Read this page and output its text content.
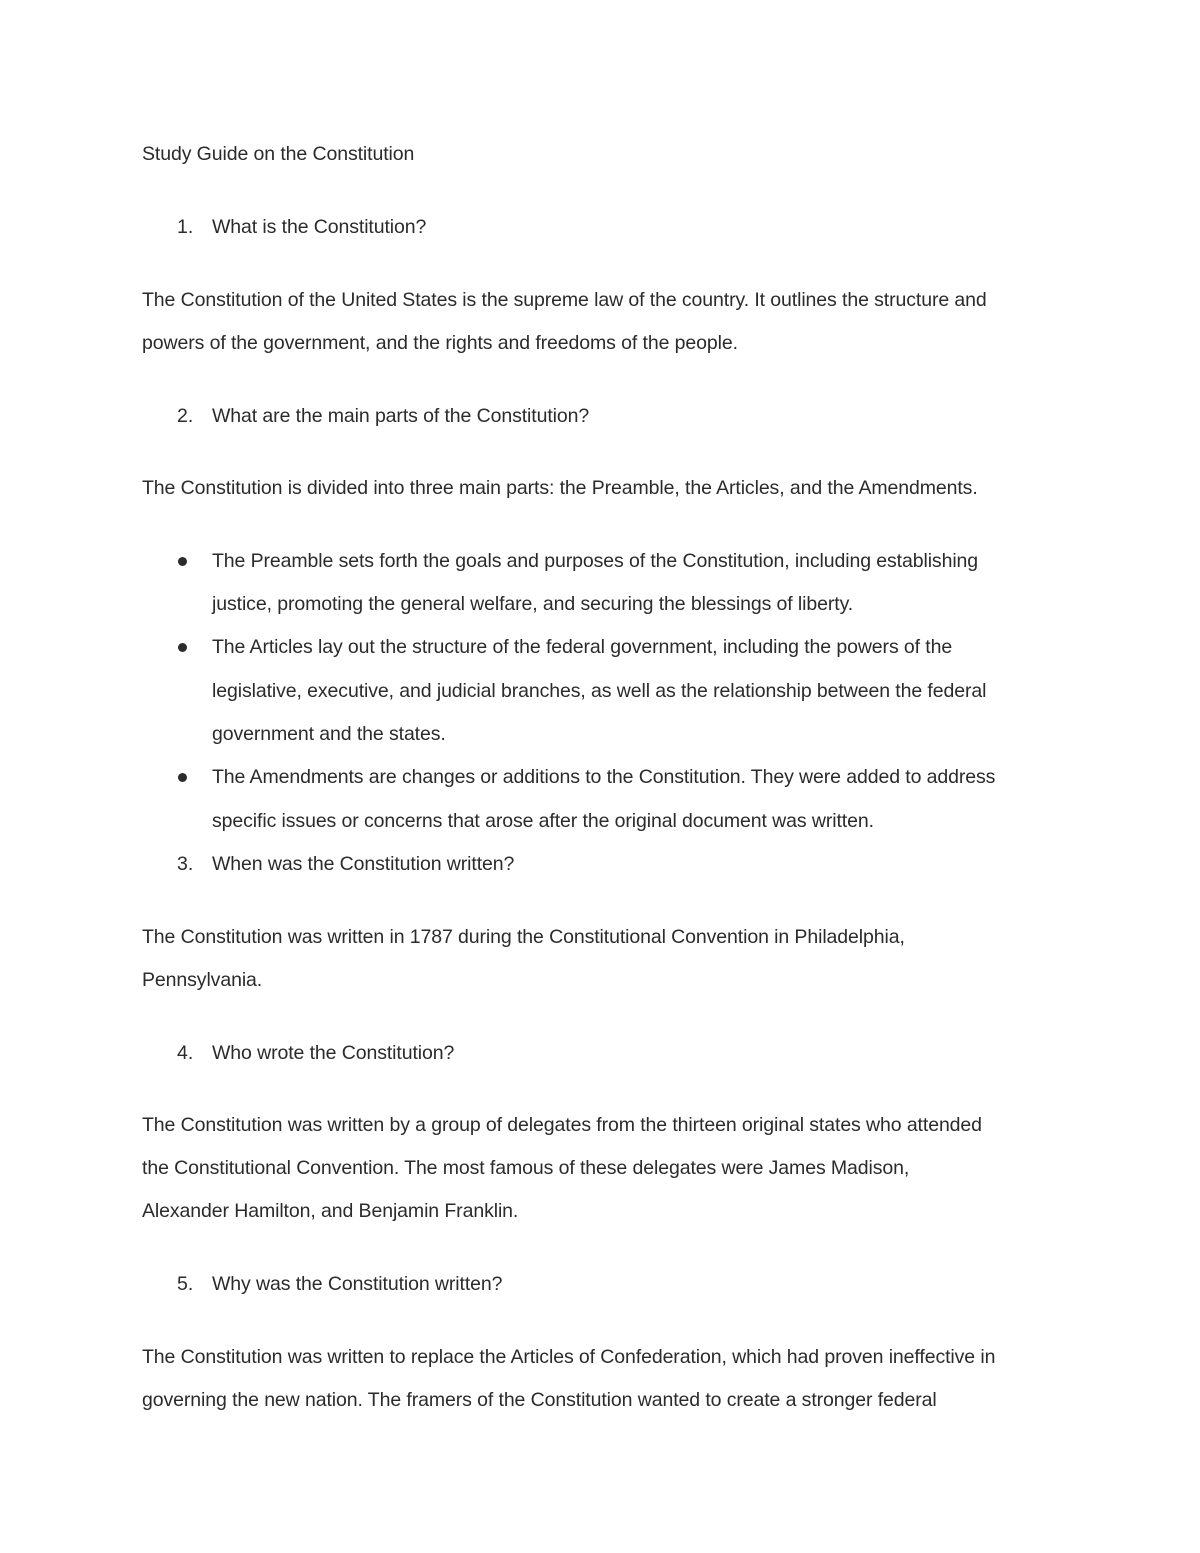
Study Guide on the Constitution
1. What is the Constitution?
The Constitution of the United States is the supreme law of the country. It outlines the structure and
powers of the government, and the rights and freedoms of the people.
2. What are the main parts of the Constitution?
The Constitution is divided into three main parts: the Preamble, the Articles, and the Amendments.
The Preamble sets forth the goals and purposes of the Constitution, including establishing
justice, promoting the general welfare, and securing the blessings of liberty.
The Articles lay out the structure of the federal government, including the powers of the
legislative, executive, and judicial branches, as well as the relationship between the federal
government and the states.
The Amendments are changes or additions to the Constitution. They were added to address
specific issues or concerns that arose after the original document was written.
3. When was the Constitution written?
The Constitution was written in 1787 during the Constitutional Convention in Philadelphia,
Pennsylvania.
4. Who wrote the Constitution?
The Constitution was written by a group of delegates from the thirteen original states who attended
the Constitutional Convention. The most famous of these delegates were James Madison,
Alexander Hamilton, and Benjamin Franklin.
5. Why was the Constitution written?
The Constitution was written to replace the Articles of Confederation, which had proven ineffective in
governing the new nation. The framers of the Constitution wanted to create a stronger federal
